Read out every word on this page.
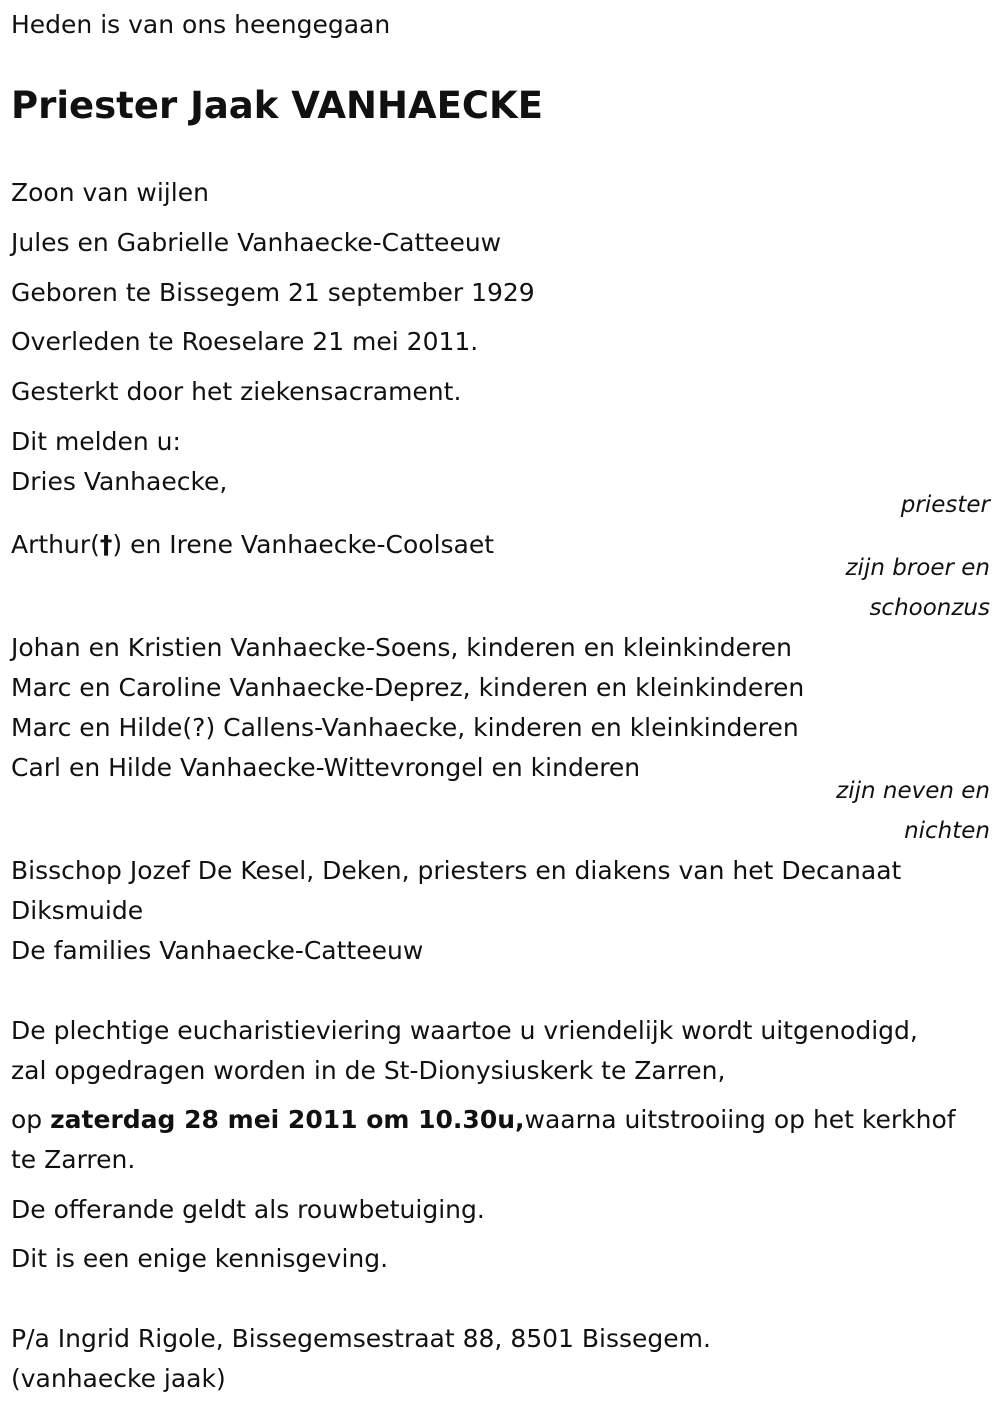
Heden is van ons heengegaan

Priester Jaak VANHAECKE

Zoon van wijlen

Jules en Gabrielle Vanhaecke-Catteeuw

Geboren te Bissegem 21 september 1929

Overleden te Roeselare 21 mei 2011.

Gesterkt door het ziekensacrament.

Dit melden u:

Dries Vanhaecke,

priester

Arthur(†) en Irene Vanhaecke-Coolsaet

zijn broer en

schoonzus

Johan en Kristien Vanhaecke-Soens, kinderen en kleinkinderen

Marc en Caroline Vanhaecke-Deprez, kinderen en kleinkinderen

Marc en Hilde(?) Callens-Vanhaecke, kinderen en kleinkinderen

Carl en Hilde Vanhaecke-Wittevrongel en kinderen

zijn neven en

nichten

Bisschop Jozef De Kesel, Deken, priesters en diakens van het Decanaat

Diksmuide

De families Vanhaecke-Catteeuw

De plechtige eucharistieviering waartoe u vriendelijk wordt uitgenodigd,

zal opgedragen worden in de St-Dionysiuskerk te Zarren,

op zaterdag 28 mei 2011 om 10.30u,waarna uitstrooiing op het kerkhof

te Zarren.

De offerande geldt als rouwbetuiging.

Dit is een enige kennisgeving.

P/a Ingrid Rigole, Bissegemsestraat 88, 8501 Bissegem.

(vanhaecke jaak)
